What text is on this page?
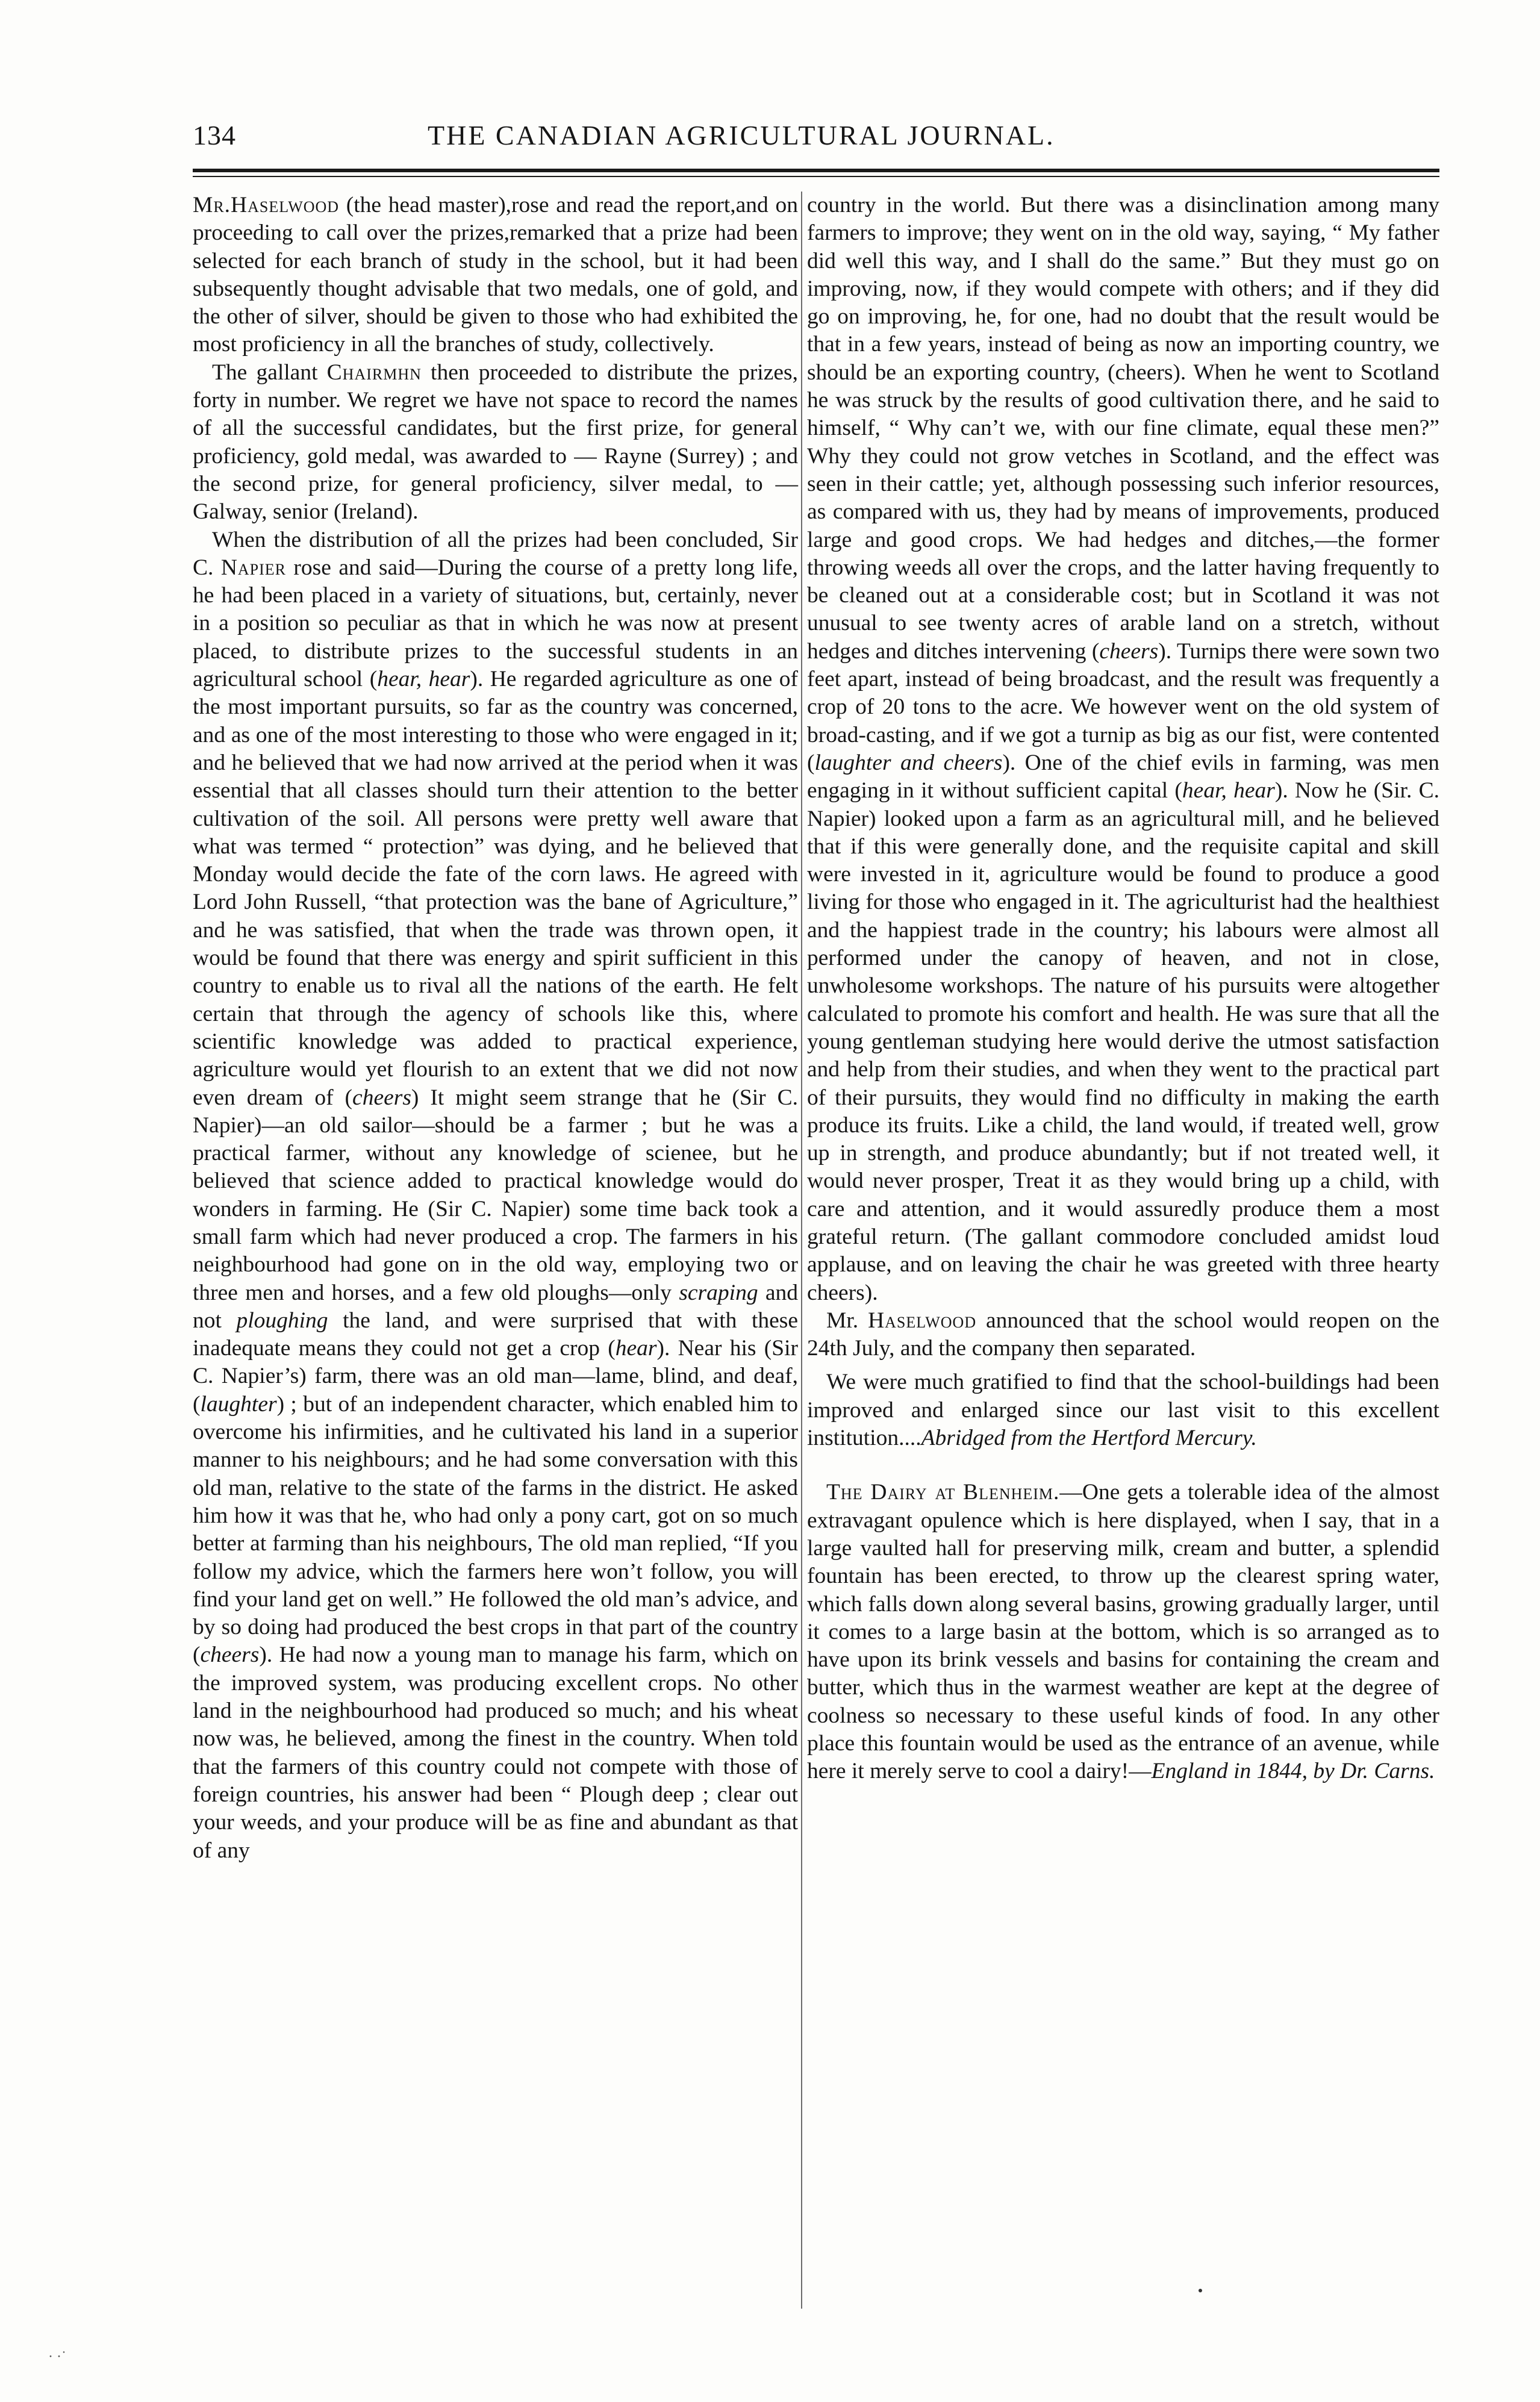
134	THE CANADIAN AGRICULTURAL JOURNAL.

Mr.Haselwood (the head master),rose and read the report,and on proceeding to call over the prizes,remarked that a prize had been selected for each branch of study in the school, but it had been subsequently thought advisable that two medals, one of gold, and the other of silver, should be given to those who had exhibited the most proficiency in all the branches of study, collectively.

The gallant Chairmhn then proceeded to distribute the prizes, forty in number. We regret we have not space to record the names of all the successful candidates, but the first prize, for general proficiency, gold medal, was awarded to — Rayne (Surrey) ; and the second prize, for general proficiency, silver medal, to — Galway, senior (Ireland).

When the distribution of all the prizes had been concluded, Sir C. Napier rose and said—During the course of a pretty long life, he had been placed in a variety of situations, but, certainly, never in a position so peculiar as that in which he was now at present placed, to distribute prizes to the successful students in an agricultural school (hear, hear). He regarded agriculture as one of the most important pursuits, so far as the country was concerned, and as one of the most interesting to those who were engaged in it; and he believed that we had now arrived at the period when it was essential that all classes should turn their attention to the better cultivation of the soil. All persons were pretty well aware that what was termed “ protection” was dying, and he believed that Monday would decide the fate of the corn laws. He agreed with Lord John Russell, “that protection was the bane of Agriculture,” and he was satisfied, that when the trade was thrown open, it would be found that there was energy and spirit sufficient in this country to enable us to rival all the nations of the earth. He felt certain that through the agency of schools like this, where scientific knowledge was added to practical experience, agriculture would yet flourish to an extent that we did not now even dream of (cheers) It might seem strange that he (Sir C. Napier)—an old sailor—should be a farmer ; but he was a practical farmer, without any knowledge of scienee, but he believed that science added to practical knowledge would do wonders in farming. He (Sir C. Napier) some time back took a small farm which had never produced a crop. The farmers in his neighbourhood had gone on in the old way, employing two or three men and horses, and a few old ploughs—only scraping and not ploughing the land, and were surprised that with these inadequate means they could not get a crop (hear). Near his (Sir C. Napier’s) farm, there was an old man—lame, blind, and deaf, (laughter) ; but of an independent character, which enabled him to overcome his infirmities, and he cultivated his land in a superior manner to his neighbours; and he had some conversation with this old man, relative to the state of the farms in the district. He asked him how it was that he, who had only a pony cart, got on so much better at farming than his neighbours, The old man replied, “If you follow my advice, which the farmers here won’t follow, you will find your land get on well.” He followed the old man’s advice, and by so doing had produced the best crops in that part of the country (cheers). He had now a young man to manage his farm, which on the improved system, was producing excellent crops. No other land in the neighbourhood had produced so much; and his wheat now was, he believed, among the finest in the country. When told that the farmers of this country could not compete with those of foreign countries, his answer had been “ Plough deep ; clear out your weeds, and your produce will be as fine and abundant as that of any

country in the world. But there was a disinclination among many farmers to improve; they went on in the old way, saying, “ My father did well this way, and I shall do the same.” But they must go on improving, now, if they would compete with others; and if they did go on improving, he, for one, had no doubt that the result would be that in a few years, instead of being as now an importing country, we should be an exporting country, (cheers). When he went to Scotland he was struck by the results of good cultivation there, and he said to himself, “ Why can’t we, with our fine climate, equal these men?” Why they could not grow vetches in Scotland, and the effect was seen in their cattle; yet, although possessing such inferior resources, as compared with us, they had by means of improvements, produced large and good crops. We had hedges and ditches,—the former throwing weeds all over the crops, and the latter having frequently to be cleaned out at a considerable cost; but in Scotland it was not unusual to see twenty acres of arable land on a stretch, without hedges and ditches intervening (cheers). Turnips there were sown two feet apart, instead of being broadcast, and the result was frequently a crop of 20 tons to the acre. We however went on the old system of broad-casting, and if we got a turnip as big as our fist, were contented (laughter and cheers). One of the chief evils in farming, was men engaging in it without sufficient capital (hear, hear). Now he (Sir. C. Napier) looked upon a farm as an agricultural mill, and he believed that if this were generally done, and the requisite capital and skill were invested in it, agriculture would be found to produce a good living for those who engaged in it. The agriculturist had the healthiest and the happiest trade in the country; his labours were almost all performed under the canopy of heaven, and not in close, unwholesome workshops. The nature of his pursuits were altogether calculated to promote his comfort and health. He was sure that all the young gentleman studying here would derive the utmost satisfaction and help from their studies, and when they went to the practical part of their pursuits, they would find no difficulty in making the earth produce its fruits. Like a child, the land would, if treated well, grow up in strength, and produce abundantly; but if not treated well, it would never prosper, Treat it as they would bring up a child, with care and attention, and it would assuredly produce them a most grateful return. (The gallant commodore concluded amidst loud applause, and on leaving the chair he was greeted with three hearty cheers).

Mr. Haselwood announced that the school would reopen on the 24th July, and the company then separated.

We were much gratified to find that the school-buildings had been improved and enlarged since our last visit to this excellent institution....Abridged from the Hertford Mercury.

The Dairy at Blenheim.—One gets a tolerable idea of the almost extravagant opulence which is here displayed, when I say, that in a large vaulted hall for preserving milk, cream and butter, a splendid fountain has been erected, to throw up the clearest spring water, which falls down along several basins, growing gradually larger, until it comes to a large basin at the bottom, which is so arranged as to have upon its brink vessels and basins for containing the cream and butter, which thus in the warmest weather are kept at the degree of coolness so necessary to these useful kinds of food. In any other place this fountain would be used as the entrance of an avenue, while here it merely serve to cool a dairy!—England in 1844, by Dr. Carns.

· ·˙
